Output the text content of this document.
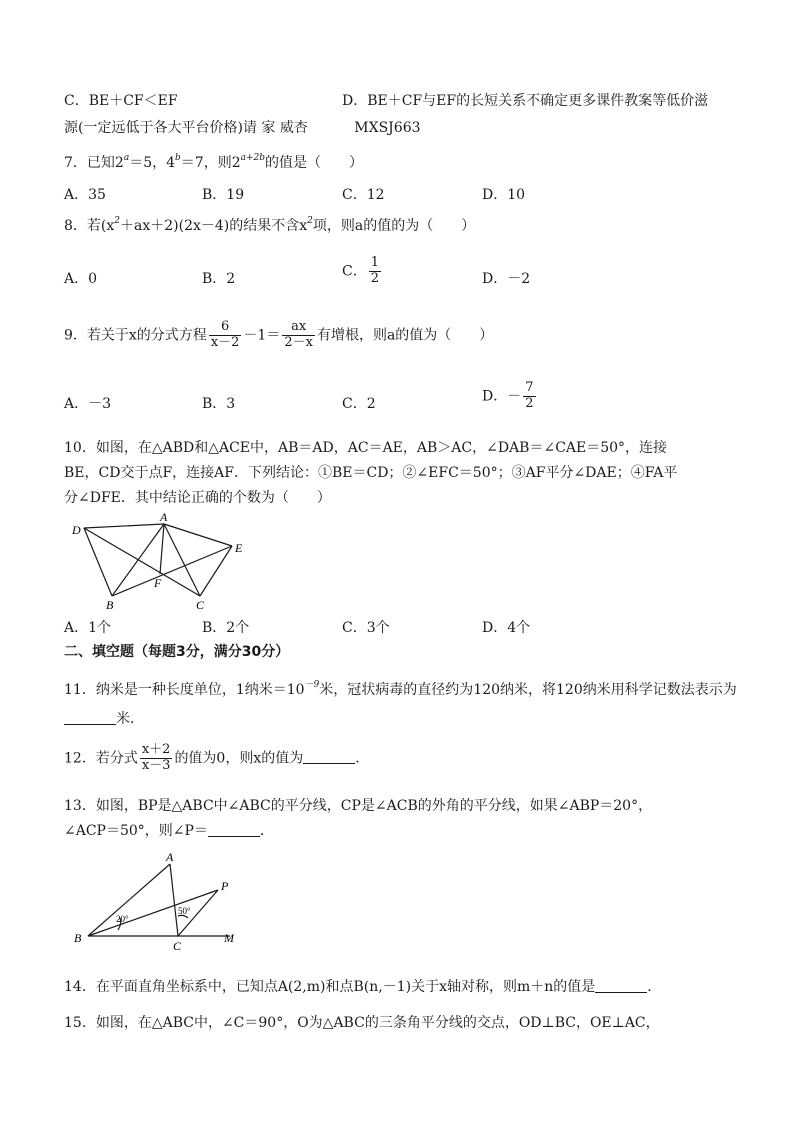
C．BE＋CF＜EF	D．BE＋CF与EF的长短关系不确定更多课件教案等低价滋
源(一定远低于各大平台价格)请 家 威杏	MXSJ663
7．已知$2^a=5$，$4^b=7$，则$2^{a+2b}$的值是（　　）
A．35	B．19	C．12	D．10
8．若$(x^2+ax+2)(2x-4)$的结果不含$x^2$项，则a的值的为（　　）
A．0	B．2	C． $\frac{1}{2}$	D．－2
9．若关于x的分式方程 $\frac{6}{x-2} -1= \frac{ax}{2-x}$ 有增根，则a的值为（　　）
A．－3	B．3	C．2	D．－ $\frac{7}{2}$
10．如图，在△ABD和△ACE中，AB＝AD，AC＝AE，AB＞AC，∠DAB＝∠CAE＝50°，连接
BE，CD交于点F，连接AF．下列结论：①BE＝CD；②∠EFC＝50°；③AF平分∠DAE；④FA平
分∠DFE．其中结论正确的个数为（　　）
D
A
E
B
F
C
A．1个	B．2个	C．3个	D．4个
二、填空题（每题3分，满分30分）
11．纳米是一种长度单位，1纳米$=10^{-9}$米，冠状病毒的直径约为120纳米，将120纳米用科学记数法表示为
米．
12．若分式 $\frac{x+2}{x-3}$ 的值为0，则x的值为	．
13．如图，BP是△ABC中∠ABC的平分线，CP是∠ACB的外角的平分线，如果∠ABP＝20°，
∠ACP＝50°，则∠P＝	．
A
P
B
C
M
20°
50°
14．在平面直角坐标系中，已知点A(2,m)和点B(n,－1)关于x轴对称，则m＋n的值是	．
15．如图，在△ABC中，∠C＝90°，O为△ABC的三条角平分线的交点，OD⊥BC，OE⊥AC，
